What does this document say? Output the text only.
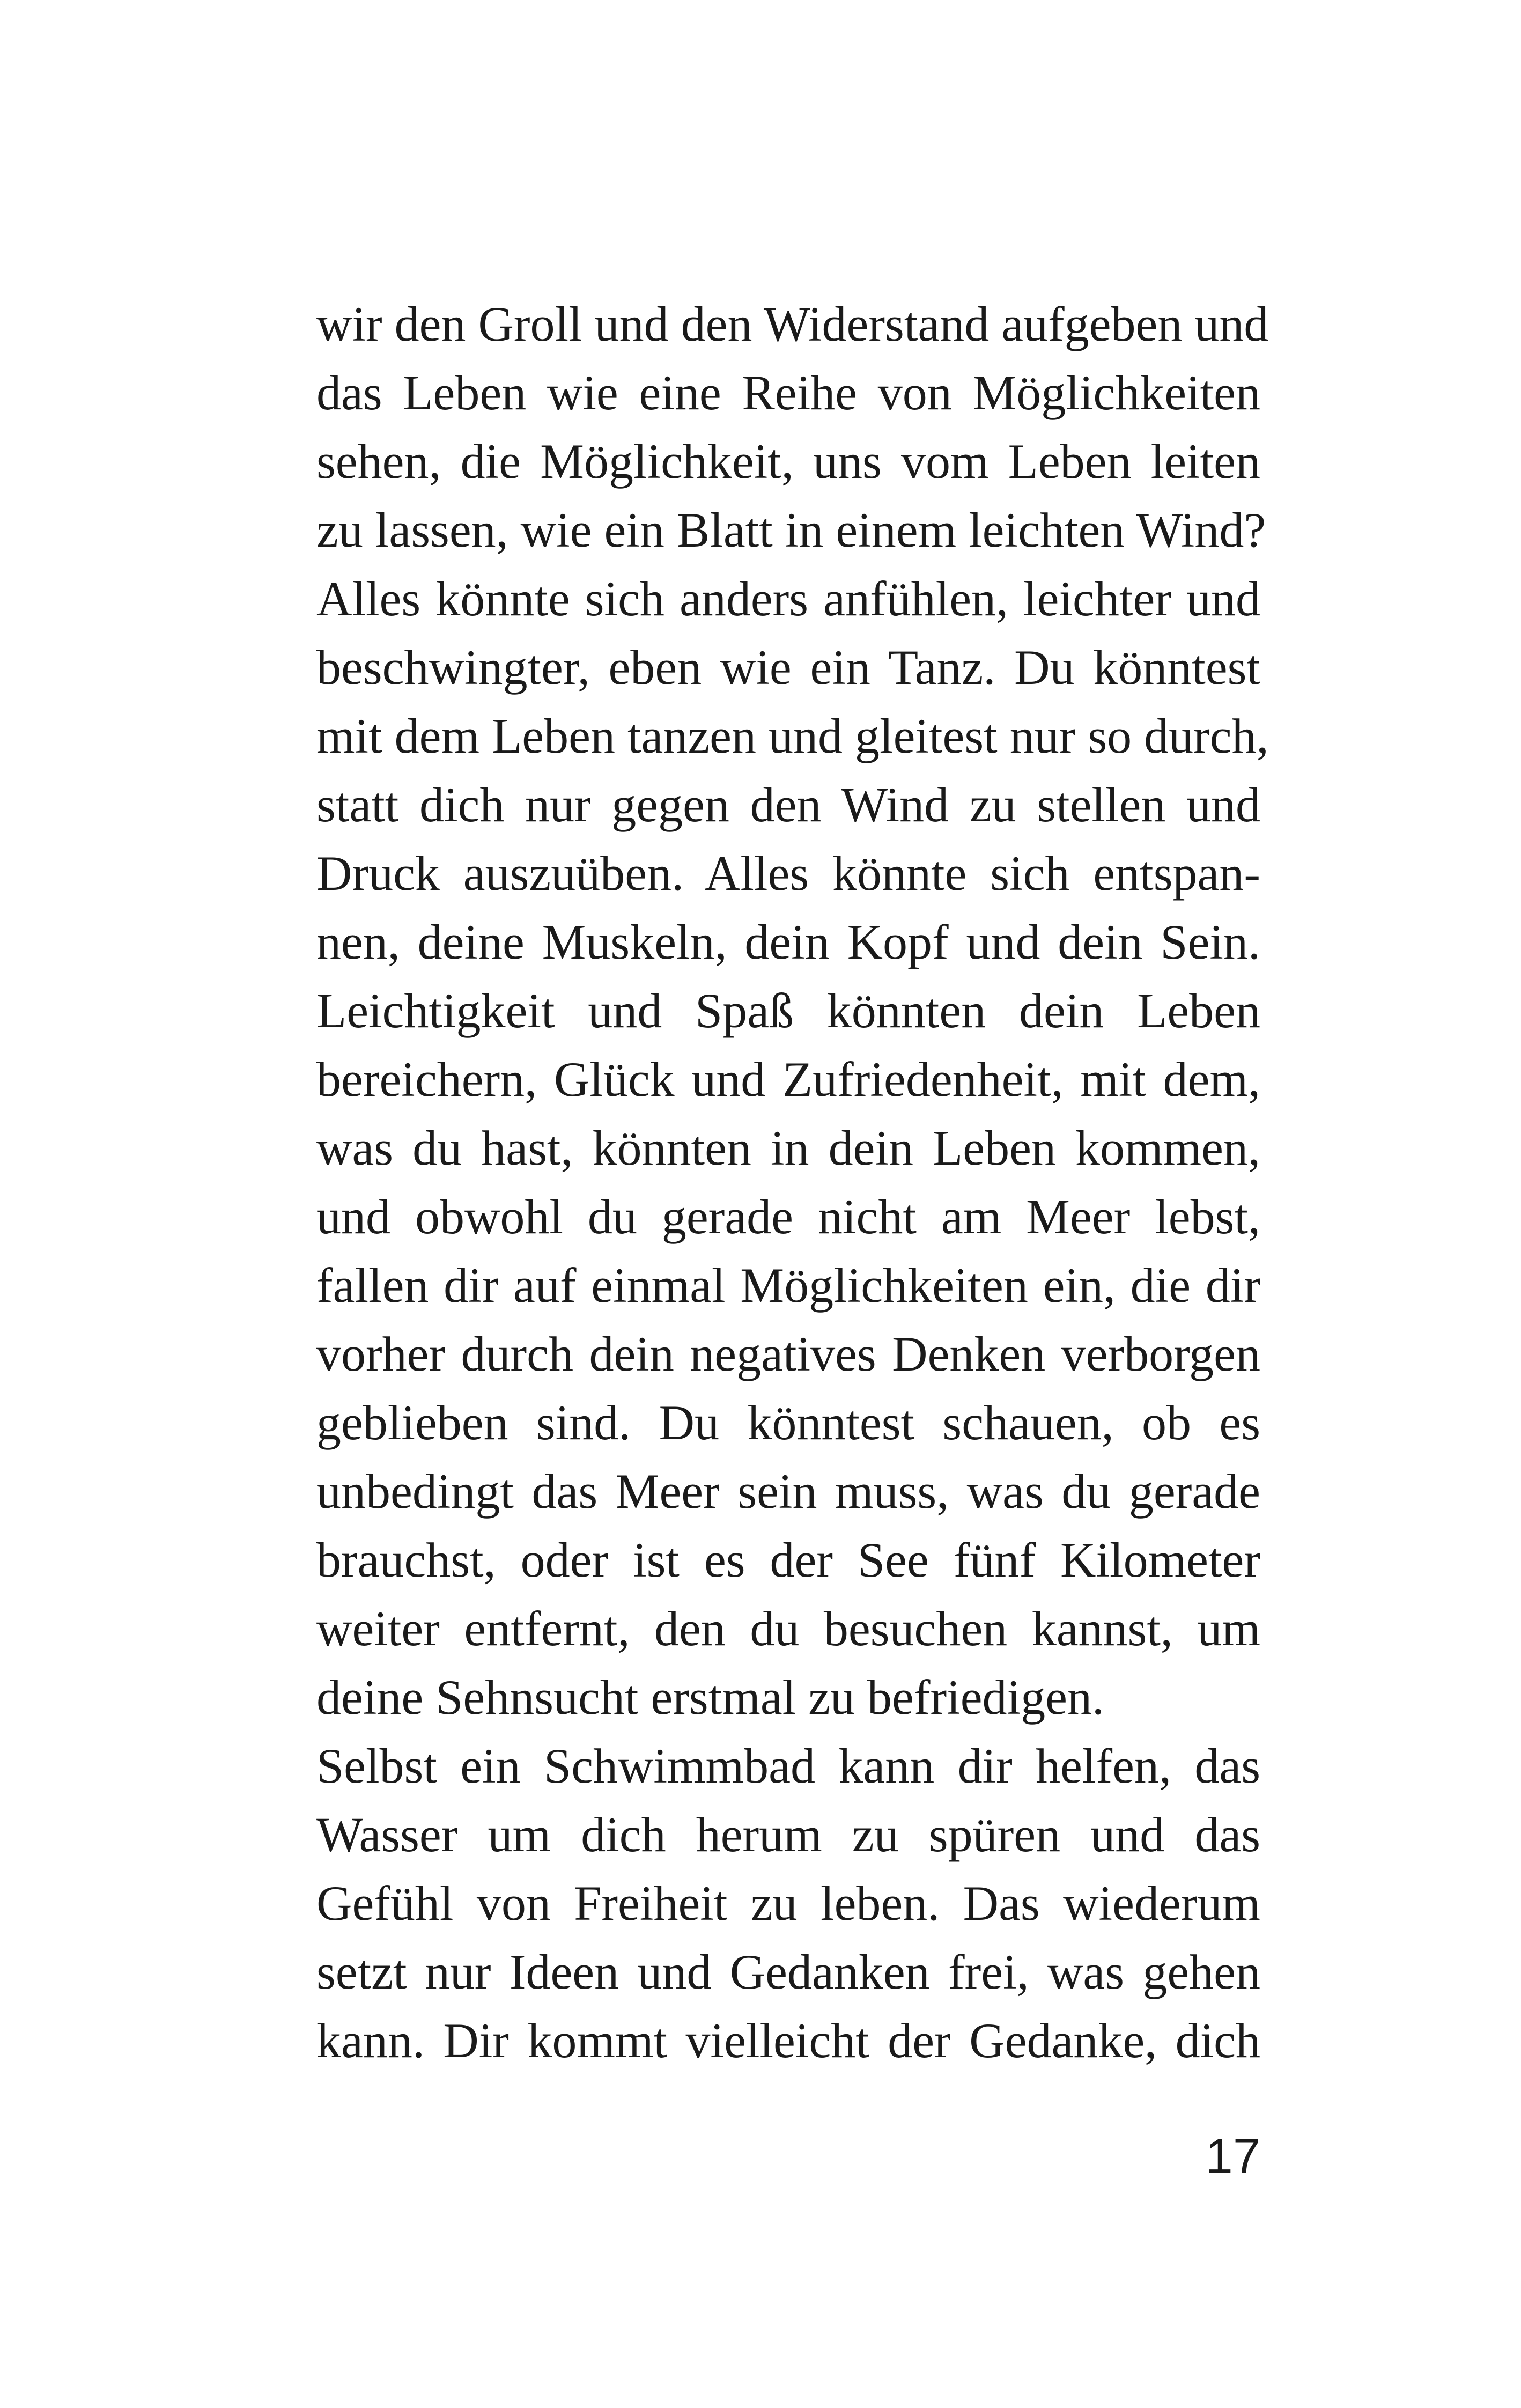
wir den Groll und den Widerstand aufgeben und
das Leben wie eine Reihe von Möglichkeiten
sehen, die Möglichkeit, uns vom Leben leiten
zu lassen, wie ein Blatt in einem leichten Wind?
Alles könnte sich anders anfühlen, leichter und
beschwingter, eben wie ein Tanz. Du könntest
mit dem Leben tanzen und gleitest nur so durch,
statt dich nur gegen den Wind zu stellen und
Druck auszuüben. Alles könnte sich entspan-
nen, deine Muskeln, dein Kopf und dein Sein.
Leichtigkeit und Spaß könnten dein Leben
bereichern, Glück und Zufriedenheit, mit dem,
was du hast, könnten in dein Leben kommen,
und obwohl du gerade nicht am Meer lebst,
fallen dir auf einmal Möglichkeiten ein, die dir
vorher durch dein negatives Denken verborgen
geblieben sind. Du könntest schauen, ob es
unbedingt das Meer sein muss, was du gerade
brauchst, oder ist es der See fünf Kilometer
weiter entfernt, den du besuchen kannst, um
deine Sehnsucht erstmal zu befriedigen.
Selbst ein Schwimmbad kann dir helfen, das
Wasser um dich herum zu spüren und das
Gefühl von Freiheit zu leben. Das wiederum
setzt nur Ideen und Gedanken frei, was gehen
kann. Dir kommt vielleicht der Gedanke, dich
17
